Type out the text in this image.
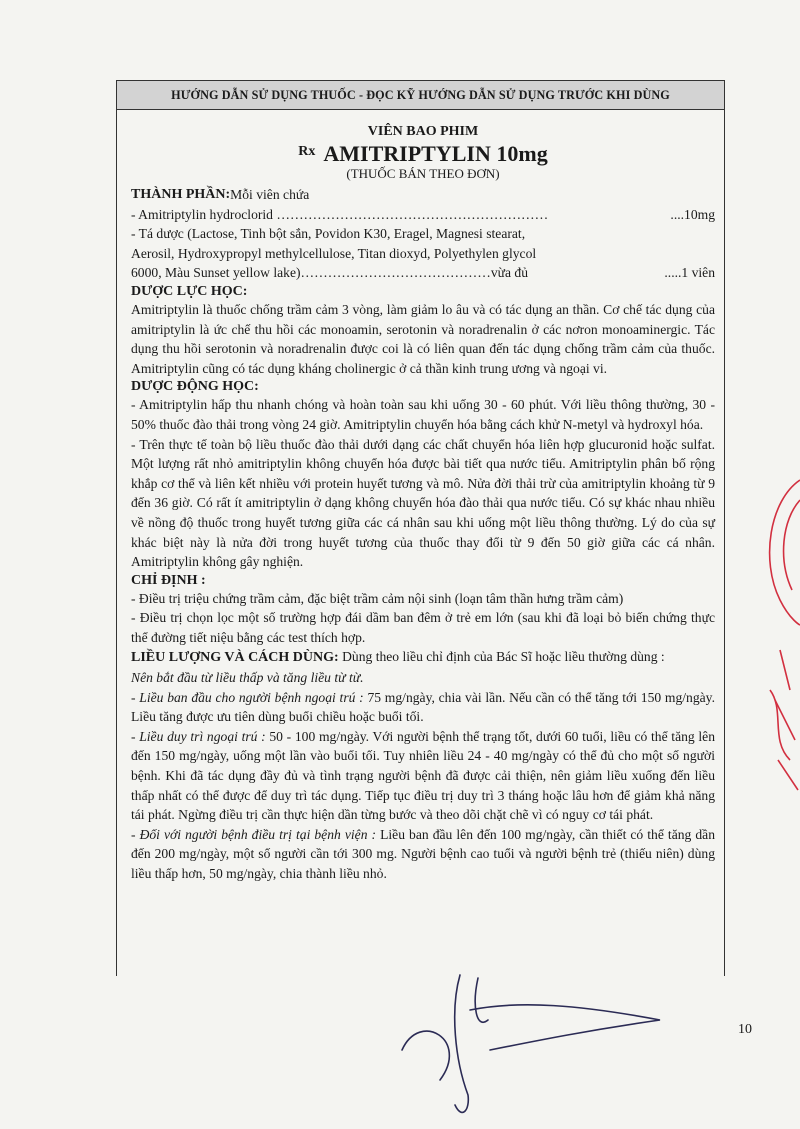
HƯỚNG DẪN SỬ DỤNG THUỐC - ĐỌC KỸ HƯỚNG DẪN SỬ DỤNG TRƯỚC KHI DÙNG
VIÊN BAO PHIM
$^{Rx}$ AMITRIPTYLIN 10mg
(THUỐC BÁN THEO ĐƠN)
THÀNH PHẦN: Mỗi viên chứa
- Amitriptylin hydroclorid ……………………………………………………	....10mg
- Tá dược (Lactose, Tinh bột sắn, Povidon K30, Eragel, Magnesi stearat,
Aerosil, Hydroxypropyl methylcellulose, Titan dioxyd, Polyethylen glycol
6000, Màu Sunset yellow lake)……………………………………vừa đủ	.....1 viên
DƯỢC LỰC HỌC:
Amitriptylin là thuốc chống trầm cảm 3 vòng, làm giảm lo âu và có tác dụng an thần. Cơ chế tác dụng của amitriptylin là ức chế thu hồi các monoamin, serotonin và noradrenalin ở các nơron monoaminergic. Tác dụng thu hồi serotonin và noradrenalin được coi là có liên quan đến tác dụng chống trầm cảm của thuốc. Amitriptylin cũng có tác dụng kháng cholinergic ở cả thần kinh trung ương và ngoại vi.
DƯỢC ĐỘNG HỌC:
- Amitriptylin hấp thu nhanh chóng và hoàn toàn sau khi uống 30 - 60 phút. Với liều thông thường, 30 - 50% thuốc đào thải trong vòng 24 giờ. Amitriptylin chuyển hóa bằng cách khử N-metyl và hydroxyl hóa.
- Trên thực tế toàn bộ liều thuốc đào thải dưới dạng các chất chuyển hóa liên hợp glucuronid hoặc sulfat. Một lượng rất nhỏ amitriptylin không chuyển hóa được bài tiết qua nước tiểu. Amitriptylin phân bố rộng khắp cơ thể và liên kết nhiều với protein huyết tương và mô. Nửa đời thải trừ của amitriptylin khoảng từ 9 đến 36 giờ. Có rất ít amitriptylin ở dạng không chuyển hóa đào thải qua nước tiểu. Có sự khác nhau nhiều về nồng độ thuốc trong huyết tương giữa các cá nhân sau khi uống một liều thông thường. Lý do của sự khác biệt này là nửa đời trong huyết tương của thuốc thay đổi từ 9 đến 50 giờ giữa các cá nhân. Amitriptylin không gây nghiện.
CHỈ ĐỊNH :
- Điều trị triệu chứng trầm cảm, đặc biệt trầm cảm nội sinh (loạn tâm thần hưng trầm cảm)
- Điều trị chọn lọc một số trường hợp đái dầm ban đêm ở trẻ em lớn (sau khi đã loại bỏ biến chứng thực thể đường tiết niệu bằng các test thích hợp.
LIỀU LƯỢNG VÀ CÁCH DÙNG: Dùng theo liều chỉ định của Bác Sĩ hoặc liều thường dùng :
Nên bắt đầu từ liều thấp và tăng liều từ từ.
- Liều ban đầu cho người bệnh ngoại trú : 75 mg/ngày, chia vài lần. Nếu cần có thể tăng tới 150 mg/ngày. Liều tăng được ưu tiên dùng buổi chiều hoặc buổi tối.
- Liều duy trì ngoại trú : 50 - 100 mg/ngày. Với người bệnh thể trạng tốt, dưới 60 tuổi, liều có thể tăng lên đến 150 mg/ngày, uống một lần vào buổi tối. Tuy nhiên liều 24 - 40 mg/ngày có thể đủ cho một số người bệnh. Khi đã tác dụng đầy đủ và tình trạng người bệnh đã được cải thiện, nên giảm liều xuống đến liều thấp nhất có thể được để duy trì tác dụng. Tiếp tục điều trị duy trì 3 tháng hoặc lâu hơn để giảm khả năng tái phát. Ngừng điều trị cần thực hiện dần từng bước và theo dõi chặt chẽ vì có nguy cơ tái phát.
- Đối với người bệnh điều trị tại bệnh viện : Liều ban đầu lên đến 100 mg/ngày, cần thiết có thể tăng dần đến 200 mg/ngày, một số người cần tới 300 mg. Người bệnh cao tuổi và người bệnh trẻ (thiếu niên) dùng liều thấp hơn, 50 mg/ngày, chia thành liều nhỏ.
10
